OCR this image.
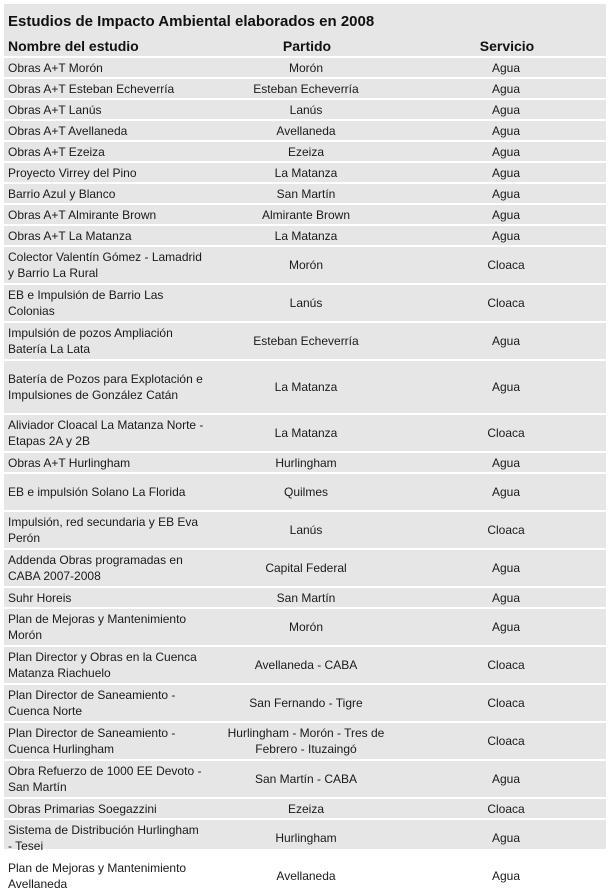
Estudios de Impacto Ambiental elaborados en 2008
Nombre del estudio	Partido	Servicio
Obras A+T Morón	Morón	Agua
Obras A+T Esteban Echeverría	Esteban Echeverría	Agua
Obras A+T Lanús	Lanús	Agua
Obras A+T Avellaneda	Avellaneda	Agua
Obras A+T Ezeiza	Ezeiza	Agua
Proyecto Virrey del Pino	La Matanza	Agua
Barrio Azul y Blanco	San Martín	Agua
Obras A+T Almirante Brown	Almirante Brown	Agua
Obras A+T La Matanza	La Matanza	Agua
Colector Valentín Gómez - Lamadrid y Barrio La Rural	Morón	Cloaca
EB e Impulsión de Barrio Las Colonias	Lanús	Cloaca
Impulsión de pozos Ampliación Batería La Lata	Esteban Echeverría	Agua
Batería de Pozos para Explotación e Impulsiones de González Catán	La Matanza	Agua
Aliviador Cloacal La Matanza Norte - Etapas 2A y 2B	La Matanza	Cloaca
Obras A+T Hurlingham	Hurlingham	Agua
EB e impulsión Solano La Florida	Quilmes	Agua
Impulsión, red secundaria y EB Eva Perón	Lanús	Cloaca
Addenda Obras programadas en CABA 2007-2008	Capital Federal	Agua
Suhr Horeis	San Martín	Agua
Plan de Mejoras y Mantenimiento Morón	Morón	Agua
Plan Director y Obras en la Cuenca Matanza Riachuelo	Avellaneda - CABA	Cloaca
Plan Director de Saneamiento - Cuenca Norte	San Fernando - Tigre	Cloaca
Plan Director de Saneamiento - Cuenca Hurlingham	Hurlingham - Morón - Tres de Febrero - Ituzaingó	Cloaca
Obra Refuerzo de 1000 EE Devoto - San Martín	San Martín - CABA	Agua
Obras Primarias Soegazzini	Ezeiza	Cloaca
Sistema de Distribución Hurlingham - Tesei	Hurlingham	Agua
Plan de Mejoras y Mantenimiento Avellaneda	Avellaneda	Agua
